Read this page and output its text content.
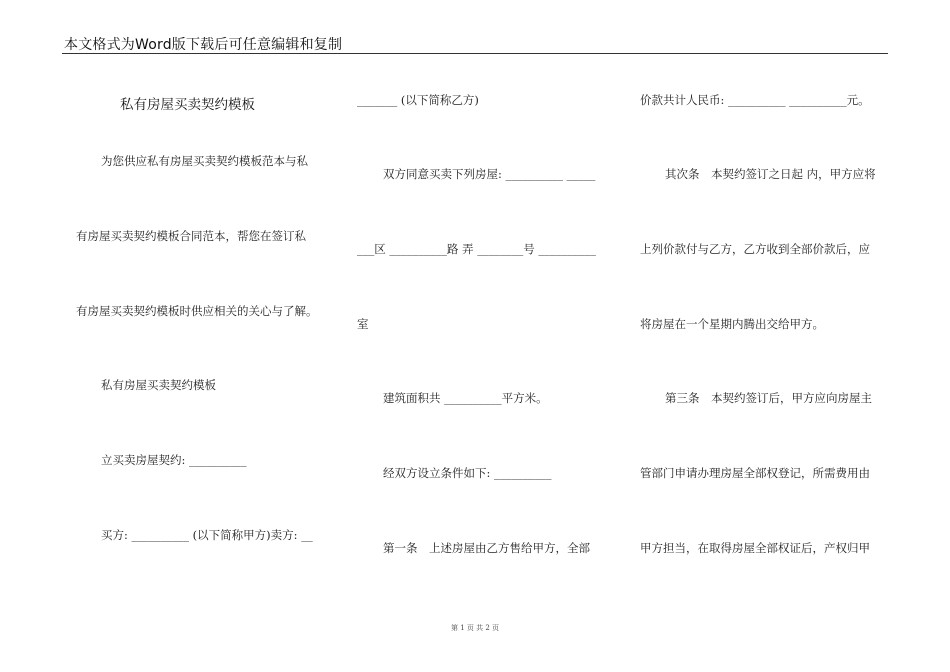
本文格式为Word版下载后可任意编辑和复制
私有房屋买卖契约模板
为您供应私有房屋买卖契约模板范本与私
有房屋买卖契约模板合同范本，帮您在签订私
有房屋买卖契约模板时供应相关的关心与了解。
私有房屋买卖契约模板
立买卖房屋契约: __________
买方: __________ (以下简称甲方)卖方: __
_______ (以下简称乙方)
双方同意买卖下列房屋: __________ _____
___区 __________路 弄 ________号 __________
室
建筑面积共 __________平方米。
经双方设立条件如下: __________
第一条　上述房屋由乙方售给甲方，全部
价款共计人民币: __________ __________元。
其次条　本契约签订之日起 内，甲方应将
上列价款付与乙方，乙方收到全部价款后，应
将房屋在一个星期内腾出交给甲方。
第三条　本契约签订后，甲方应向房屋主
管部门申请办理房屋全部权登记，所需费用由
甲方担当，在取得房屋全部权证后，产权归甲
第 1 页 共 2 页
